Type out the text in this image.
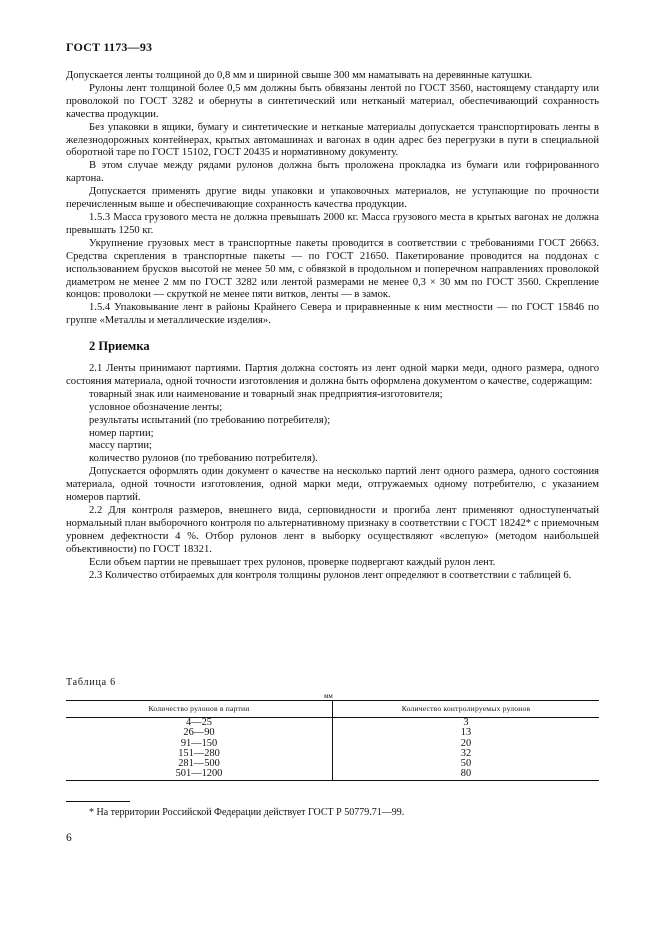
ГОСТ 1173—93

Допускается ленты толщиной до 0,8 мм и шириной свыше 300 мм наматывать на деревянные катушки.

Рулоны лент толщиной более 0,5 мм должны быть обвязаны лентой по ГОСТ 3560, настоящему стандарту или проволокой по ГОСТ 3282 и обернуты в синтетический или нетканый материал, обеспечивающий сохранность качества продукции.

Без упаковки в ящики, бумагу и синтетические и нетканые материалы допускается транспортировать ленты в железнодорожных контейнерах, крытых автомашинах и вагонах в один адрес без перегрузки в пути в специальной оборотной таре по ГОСТ 15102, ГОСТ 20435 и нормативному документу.

В этом случае между рядами рулонов должна быть проложена прокладка из бумаги или гофрированного картона.

Допускается применять другие виды упаковки и упаковочных материалов, не уступающие по прочности перечисленным выше и обеспечивающие сохранность качества продукции.

1.5.3 Масса грузового места не должна превышать 2000 кг. Масса грузового места в крытых вагонах не должна превышать 1250 кг.

Укрупнение грузовых мест в транспортные пакеты проводится в соответствии с требованиями ГОСТ 26663. Средства скрепления в транспортные пакеты — по ГОСТ 21650. Пакетирование проводится на поддонах с использованием брусков высотой не менее 50 мм, с обвязкой в продольном и поперечном направлениях проволокой диаметром не менее 2 мм по ГОСТ 3282 или лентой размерами не менее 0,3 × 30 мм по ГОСТ 3560. Скрепление концов: проволоки — скруткой не менее пяти витков, ленты — в замок.

1.5.4 Упаковывание лент в районы Крайнего Севера и приравненные к ним местности — по ГОСТ 15846 по группе «Металлы и металлические изделия».

2 Приемка

2.1 Ленты принимают партиями. Партия должна состоять из лент одной марки меди, одного размера, одного состояния материала, одной точности изготовления и должна быть оформлена документом о качестве, содержащим:

товарный знак или наименование и товарный знак предприятия-изготовителя;

условное обозначение ленты;

результаты испытаний (по требованию потребителя);

номер партии;

массу партии;

количество рулонов (по требованию потребителя).

Допускается оформлять один документ о качестве на несколько партий лент одного размера, одного состояния материала, одной точности изготовления, одной марки меди, отгружаемых одному потребителю, с указанием номеров партий.

2.2 Для контроля размеров, внешнего вида, серповидности и прогиба лент применяют одноступенчатый нормальный план выборочного контроля по альтернативному признаку в соответствии с ГОСТ 18242* с приемочным уровнем дефектности 4 %. Отбор рулонов лент в выборку осуществляют «вслепую» (методом наибольшей объективности) по ГОСТ 18321.

Если объем партии не превышает трех рулонов, проверке подвергают каждый рулон лент.

2.3 Количество отбираемых для контроля толщины рулонов лент определяют в соответствии с таблицей 6.

Таблица 6
мм
Количество рулонов в партии	Количество контролируемых рулонов
4—25	3
26—90	13
91—150	20
151—280	32
281—500	50
501—1200	80
* На территории Российской Федерации действует ГОСТ Р 50779.71—99.
6
